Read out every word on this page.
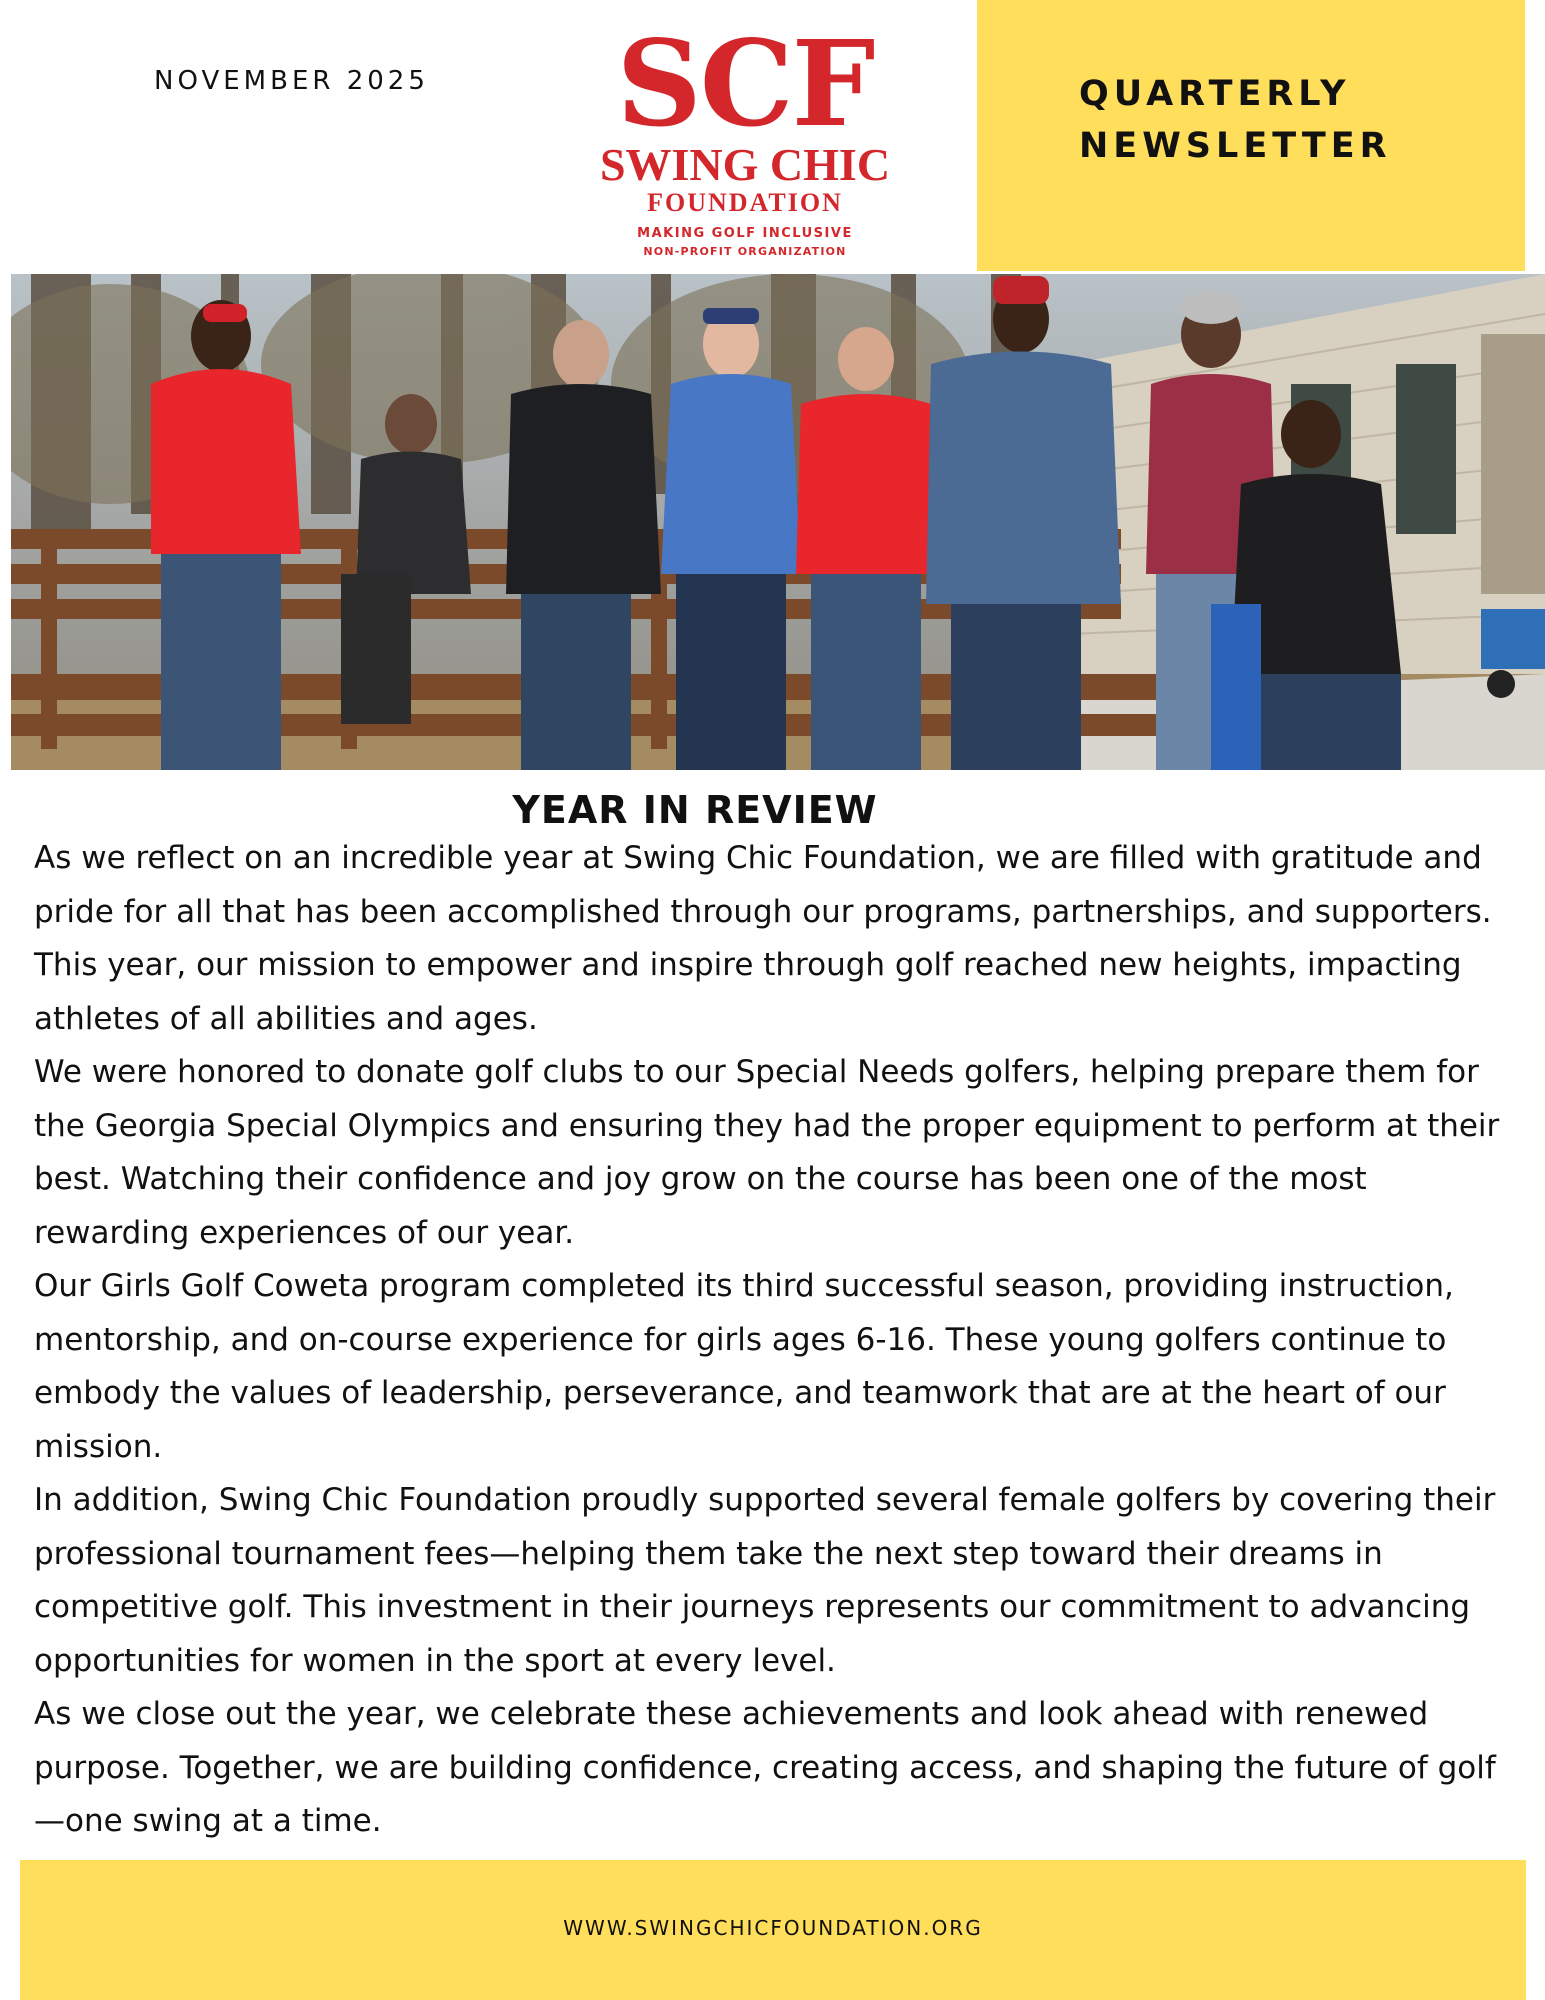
NOVEMBER 2025	SCF
SWING CHIC
FOUNDATION
MAKING GOLF INCLUSIVE
NON-PROFIT ORGANIZATION
QUARTERLY
NEWSLETTER
YEAR IN REVIEW

As we reflect on an incredible year at Swing Chic Foundation, we are filled with gratitude and pride for all that has been accomplished through our programs, partnerships, and supporters. This year, our mission to empower and inspire through golf reached new heights, impacting athletes of all abilities and ages.

We were honored to donate golf clubs to our Special Needs golfers, helping prepare them for the Georgia Special Olympics and ensuring they had the proper equipment to perform at their best. Watching their confidence and joy grow on the course has been one of the most rewarding experiences of our year.

Our Girls Golf Coweta program completed its third successful season, providing instruction, mentorship, and on-course experience for girls ages 6-16. These young golfers continue to embody the values of leadership, perseverance, and teamwork that are at the heart of our mission.

In addition, Swing Chic Foundation proudly supported several female golfers by covering their professional tournament fees—helping them take the next step toward their dreams in competitive golf. This investment in their journeys represents our commitment to advancing opportunities for women in the sport at every level.

As we close out the year, we celebrate these achievements and look ahead with renewed purpose. Together, we are building confidence, creating access, and shaping the future of golf—one swing at a time.

WWW.SWINGCHICFOUNDATION.ORG
